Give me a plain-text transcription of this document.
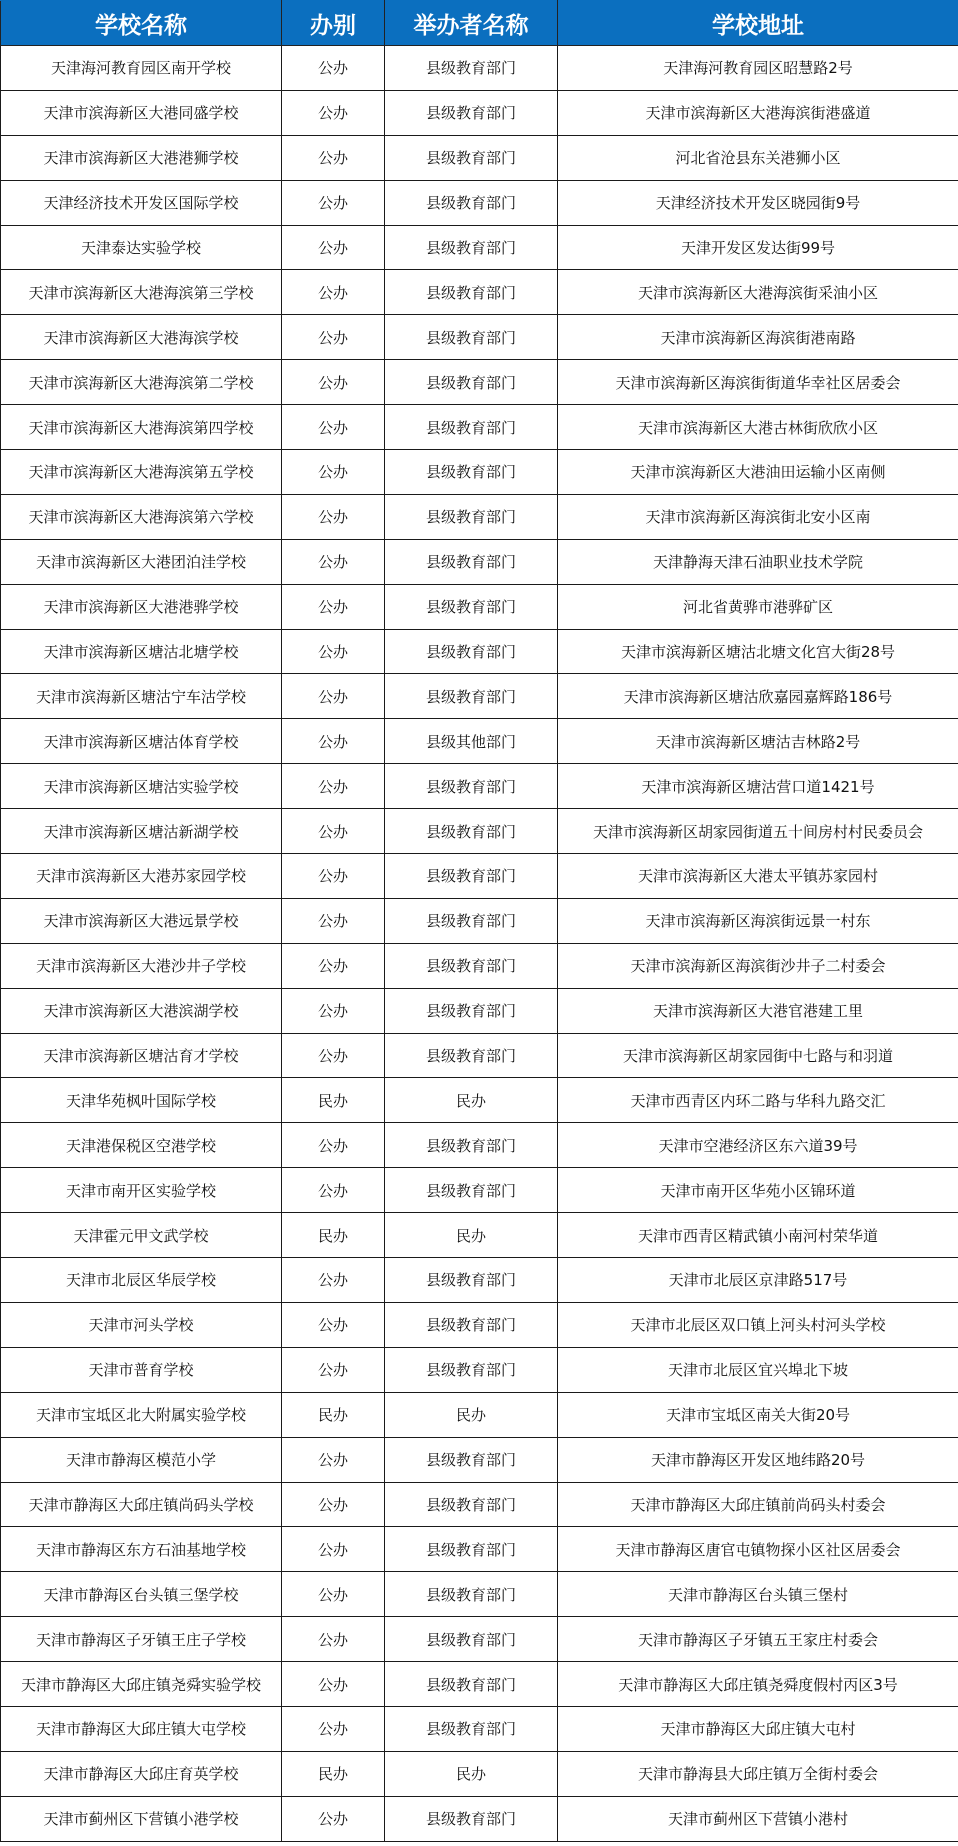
学校名称	办别	举办者名称	学校地址
天津海河教育园区南开学校	公办	县级教育部门	天津海河教育园区昭慧路2号
天津市滨海新区大港同盛学校	公办	县级教育部门	天津市滨海新区大港海滨街港盛道
天津市滨海新区大港港狮学校	公办	县级教育部门	河北省沧县东关港狮小区
天津经济技术开发区国际学校	公办	县级教育部门	天津经济技术开发区晓园街9号
天津泰达实验学校	公办	县级教育部门	天津开发区发达街99号
天津市滨海新区大港海滨第三学校	公办	县级教育部门	天津市滨海新区大港海滨街采油小区
天津市滨海新区大港海滨学校	公办	县级教育部门	天津市滨海新区海滨街港南路
天津市滨海新区大港海滨第二学校	公办	县级教育部门	天津市滨海新区海滨街街道华幸社区居委会
天津市滨海新区大港海滨第四学校	公办	县级教育部门	天津市滨海新区大港古林街欣欣小区
天津市滨海新区大港海滨第五学校	公办	县级教育部门	天津市滨海新区大港油田运输小区南侧
天津市滨海新区大港海滨第六学校	公办	县级教育部门	天津市滨海新区海滨街北安小区南
天津市滨海新区大港团泊洼学校	公办	县级教育部门	天津静海天津石油职业技术学院
天津市滨海新区大港港骅学校	公办	县级教育部门	河北省黄骅市港骅矿区
天津市滨海新区塘沽北塘学校	公办	县级教育部门	天津市滨海新区塘沽北塘文化宫大街28号
天津市滨海新区塘沽宁车沽学校	公办	县级教育部门	天津市滨海新区塘沽欣嘉园嘉辉路186号
天津市滨海新区塘沽体育学校	公办	县级其他部门	天津市滨海新区塘沽吉林路2号
天津市滨海新区塘沽实验学校	公办	县级教育部门	天津市滨海新区塘沽营口道1421号
天津市滨海新区塘沽新湖学校	公办	县级教育部门	天津市滨海新区胡家园街道五十间房村村民委员会
天津市滨海新区大港苏家园学校	公办	县级教育部门	天津市滨海新区大港太平镇苏家园村
天津市滨海新区大港远景学校	公办	县级教育部门	天津市滨海新区海滨街远景一村东
天津市滨海新区大港沙井子学校	公办	县级教育部门	天津市滨海新区海滨街沙井子二村委会
天津市滨海新区大港滨湖学校	公办	县级教育部门	天津市滨海新区大港官港建工里
天津市滨海新区塘沽育才学校	公办	县级教育部门	天津市滨海新区胡家园街中七路与和羽道
天津华苑枫叶国际学校	民办	民办	天津市西青区内环二路与华科九路交汇
天津港保税区空港学校	公办	县级教育部门	天津市空港经济区东六道39号
天津市南开区实验学校	公办	县级教育部门	天津市南开区华苑小区锦环道
天津霍元甲文武学校	民办	民办	天津市西青区精武镇小南河村荣华道
天津市北辰区华辰学校	公办	县级教育部门	天津市北辰区京津路517号
天津市河头学校	公办	县级教育部门	天津市北辰区双口镇上河头村河头学校
天津市普育学校	公办	县级教育部门	天津市北辰区宜兴埠北下坡
天津市宝坻区北大附属实验学校	民办	民办	天津市宝坻区南关大街20号
天津市静海区模范小学	公办	县级教育部门	天津市静海区开发区地纬路20号
天津市静海区大邱庄镇尚码头学校	公办	县级教育部门	天津市静海区大邱庄镇前尚码头村委会
天津市静海区东方石油基地学校	公办	县级教育部门	天津市静海区唐官屯镇物探小区社区居委会
天津市静海区台头镇三堡学校	公办	县级教育部门	天津市静海区台头镇三堡村
天津市静海区子牙镇王庄子学校	公办	县级教育部门	天津市静海区子牙镇五王家庄村委会
天津市静海区大邱庄镇尧舜实验学校	公办	县级教育部门	天津市静海区大邱庄镇尧舜度假村丙区3号
天津市静海区大邱庄镇大屯学校	公办	县级教育部门	天津市静海区大邱庄镇大屯村
天津市静海区大邱庄育英学校	民办	民办	天津市静海县大邱庄镇万全街村委会
天津市蓟州区下营镇小港学校	公办	县级教育部门	天津市蓟州区下营镇小港村
